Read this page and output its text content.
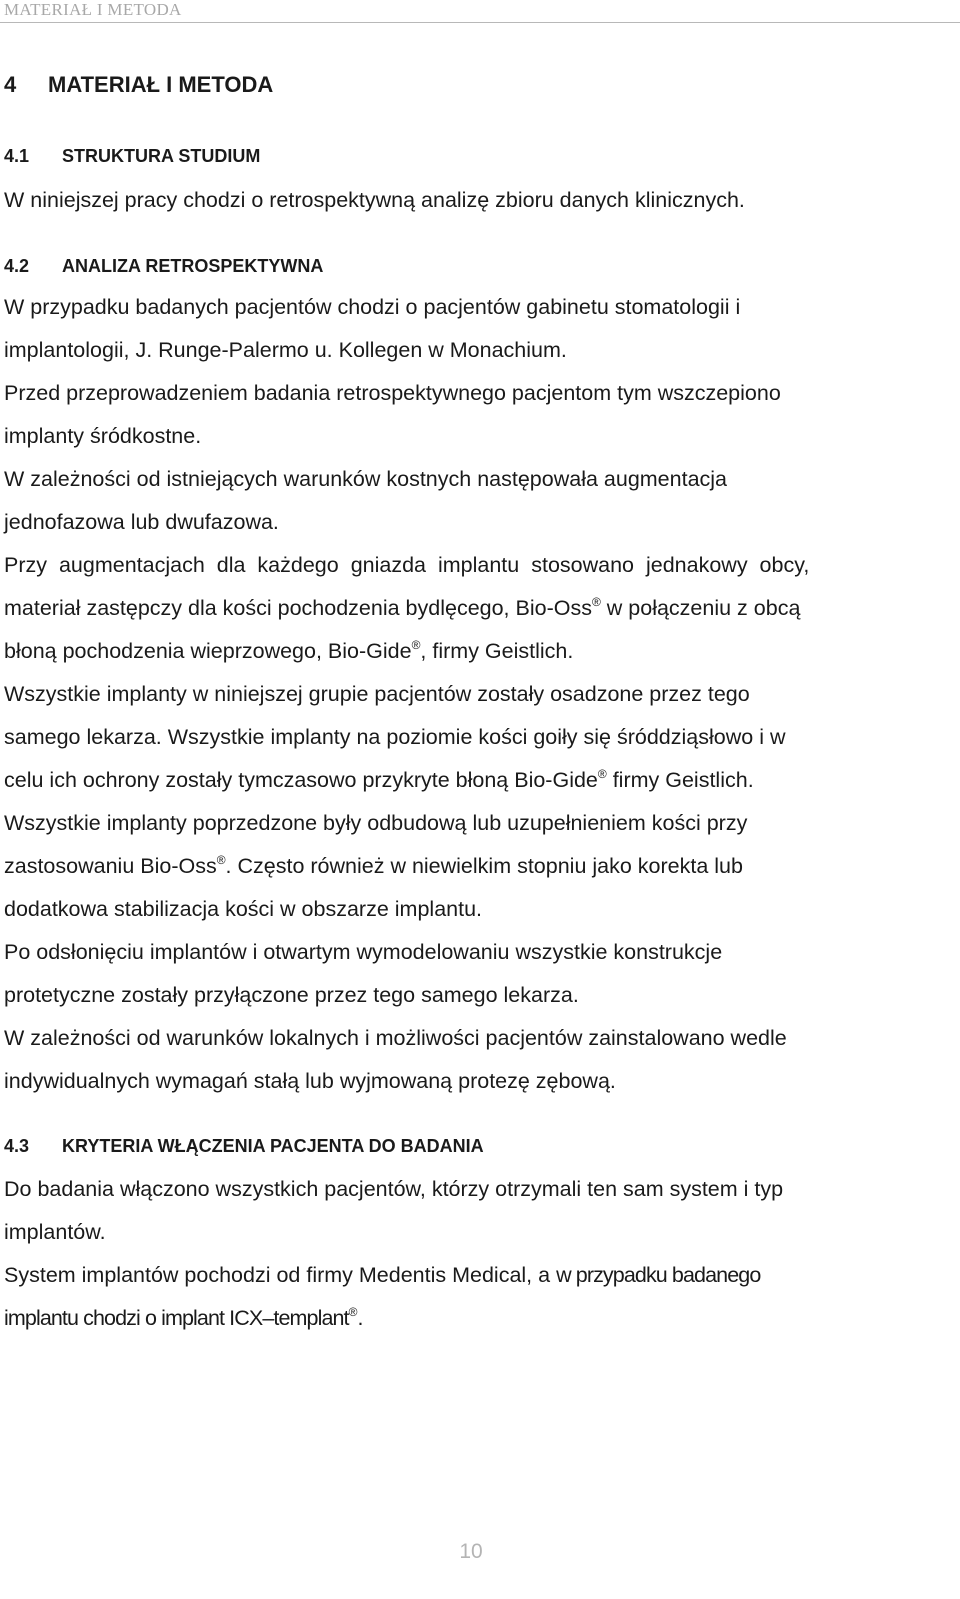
MATERIAŁ I METODA
4 MATERIAŁ I METODA
4.1 STRUKTURA STUDIUM

W niniejszej pracy chodzi o retrospektywną analizę zbioru danych klinicznych.

4.2 ANALIZA RETROSPEKTYWNA

W przypadku badanych pacjentów chodzi o pacjentów gabinetu stomatologii i
implantologii, J. Runge-Palermo u. Kollegen w Monachium.

Przed przeprowadzeniem badania retrospektywnego pacjentom tym wszczepiono
implanty śródkostne.

W zależności od istniejących warunków kostnych następowała augmentacja
jednofazowa lub dwufazowa.

Przy augmentacjach dla każdego gniazda implantu stosowano jednakowy obcy,
materiał zastępczy dla kości pochodzenia bydlęcego, Bio-Oss® w połączeniu z obcą
błoną pochodzenia wieprzowego, Bio-Gide®, firmy Geistlich.

Wszystkie implanty w niniejszej grupie pacjentów zostały osadzone przez tego
samego lekarza. Wszystkie implanty na poziomie kości goiły się śróddziąsłowo i w
celu ich ochrony zostały tymczasowo przykryte błoną Bio-Gide® firmy Geistlich.
Wszystkie implanty poprzedzone były odbudową lub uzupełnieniem kości przy
zastosowaniu Bio-Oss®. Często również w niewielkim stopniu jako korekta lub
dodatkowa stabilizacja kości w obszarze implantu.

Po odsłonięciu implantów i otwartym wymodelowaniu wszystkie konstrukcje
protetyczne zostały przyłączone przez tego samego lekarza.

W zależności od warunków lokalnych i możliwości pacjentów zainstalowano wedle
indywidualnych wymagań stałą lub wyjmowaną protezę zębową.

4.3 KRYTERIA WŁĄCZENIA PACJENTA DO BADANIA

Do badania włączono wszystkich pacjentów, którzy otrzymali ten sam system i typ
implantów.

System implantów pochodzi od firmy Medentis Medical, a w przypadku badanego
implantu chodzi o implant ICX–templant®.

10
